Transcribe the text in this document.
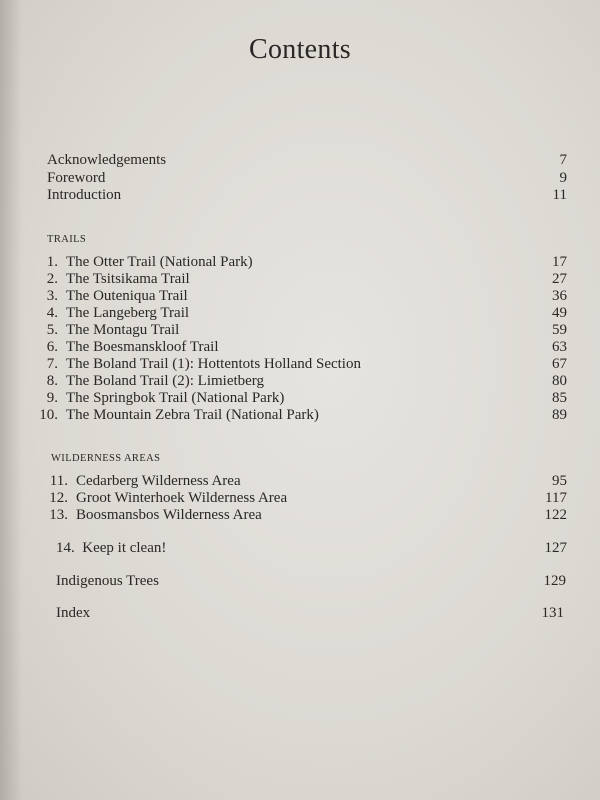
Contents
Acknowledgements	7
Foreword	9
Introduction	11
TRAILS
1. The Otter Trail (National Park)	17
2. The Tsitsikama Trail	27
3. The Outeniqua Trail	36
4. The Langeberg Trail	49
5. The Montagu Trail	59
6. The Boesmanskloof Trail	63
7. The Boland Trail (1): Hottentots Holland Section	67
8. The Boland Trail (2): Limietberg	80
9. The Springbok Trail (National Park)	85
10. The Mountain Zebra Trail (National Park)	89
WILDERNESS AREAS
11. Cedarberg Wilderness Area	95
12. Groot Winterhoek Wilderness Area	117
13. Boosmansbos Wilderness Area	122
14.  Keep it clean!	127
Indigenous Trees	129
Index	131
